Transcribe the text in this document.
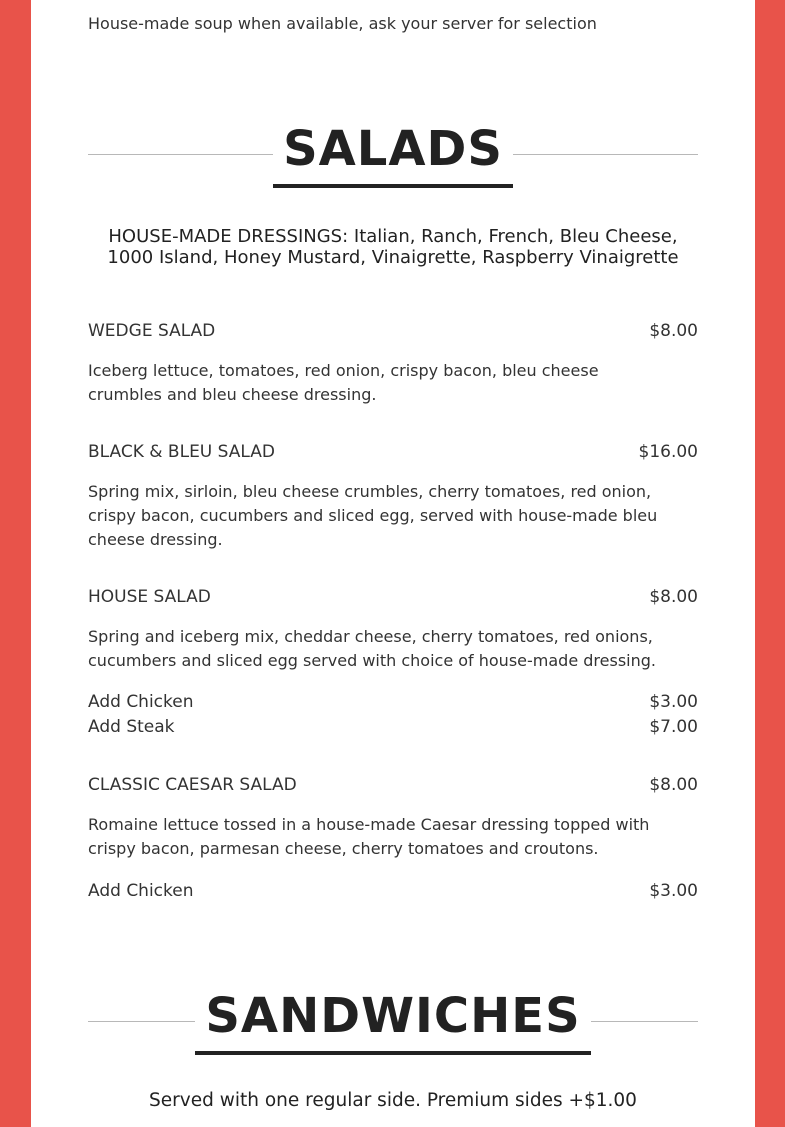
House-made soup when available, ask your server for selection
SALADS
HOUSE-MADE DRESSINGS: Italian, Ranch, French, Bleu Cheese,
1000 Island, Honey Mustard, Vinaigrette, Raspberry Vinaigrette
WEDGE SALAD	$8.00
Iceberg lettuce, tomatoes, red onion, crispy bacon, bleu cheese
crumbles and bleu cheese dressing.
BLACK & BLEU SALAD	$16.00
Spring mix, sirloin, bleu cheese crumbles, cherry tomatoes, red onion,
crispy bacon, cucumbers and sliced egg, served with house-made bleu
cheese dressing.
HOUSE SALAD	$8.00
Spring and iceberg mix, cheddar cheese, cherry tomatoes, red onions,
cucumbers and sliced egg served with choice of house-made dressing.
Add Chicken	$3.00
Add Steak	$7.00
CLASSIC CAESAR SALAD	$8.00
Romaine lettuce tossed in a house-made Caesar dressing topped with
crispy bacon, parmesan cheese, cherry tomatoes and croutons.
Add Chicken	$3.00
SANDWICHES
Served with one regular side. Premium sides +$1.00
